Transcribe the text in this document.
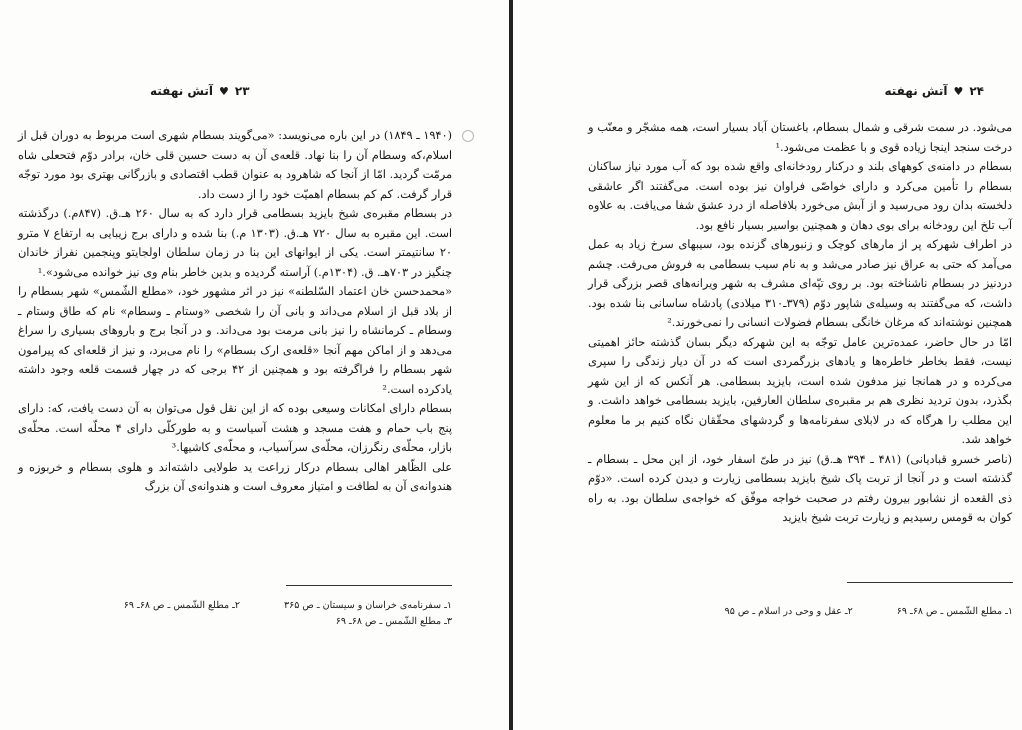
۲۳
♥
آتش نهفته

(۱۹۴۰ ـ ۱۸۴۹) در این باره می‌نویسد: «می‌گویند بسطام شهری است مربوط به دوران قبل از اسلام،که وسطام آن را بنا نهاد. قلعه‌ی آن به دست حسین قلی خان، برادر دوّم فتحعلی شاه مرمّت گردید. امّا از آنجا که شاهرود به عنوان قطب اقتصادی و بازرگانی بهتری بود مورد توجّه قرار گرفت. کم کم بسطام اهمیّت خود را از دست داد.

در بسطام مقبره‌ی شیخ بایزید بسطامی قرار دارد که به سال ۲۶۰ هـ.ق. (۸۴۷م.) درگذشته است. این مقبره به سال ۷۲۰ هـ.ق. (۱۳۰۳ م.) بنا شده و دارای برج زیبایی به ارتفاع ۷ مترو ۲۰ سانتیمتر است. یکی از ایوانهای این بنا در زمان سلطان اولجایتو وپنجمین نفراز خاندان چنگیز در ۷۰۳هـ. ق. (۱۳۰۴م.) آراسته گردیده و بدین خاطر بنام وی نیز خوانده می‌شود».¹

«محمدحسن خان اعتماد السّلطنه» نیز در اثر مشهور خود، «مطلع الشّمس» شهر بسطام را از بلاد قبل از اسلام می‌داند و بانی آن را شخصی «وستام ـ وسطام» نام که طاق وستام ـ وسطام ـ کرمانشاه را نیز بانی مرمت بود می‌داند. و در آنجا برج و باروهای بسیاری را سراغ می‌دهد و از اماکن مهم آنجا «قلعه‌ی ارک بسطام» را نام می‌برد، و نیز از قلعه‌ای که پیرامون شهر بسطام را فراگرفته بود و همچنین از ۴۲ برجی که در چهار قسمت قلعه وجود داشته یادکرده است.²

بسطام دارای امکانات وسیعی بوده که از این نقل قول می‌توان به آن دست یافت، که: دارای پنج باب حمام و هفت مسجد و هشت آسیاست و به طورکلّی دارای ۴ محلّه است. محلّه‌ی بازار، محلّه‌ی رنگرزان، محلّه‌ی سرآسیاب، و محلّه‌ی کاشیها.³

علی الظّاهر اهالی بسطام درکار زراعت ید طولایی داشته‌اند و هلوی بسطام و خربوزه و هندوانه‌ی آن به لطافت و امتیاز معروف است و هندوانه‌ی آن بزرگ

۱ـ سفرنامه‌ی خراسان و سیستان ـ ص ۳۶۵
۲ـ مطلع الشّمس ـ ص ۶۸ـ ۶۹
۳ـ مطلع الشّمس ـ ص ۶۸ـ ۶۹
۲۴
♥
آتش نهفته

می‌شود. در سمت شرقی و شمال بسطام، باغستان آباد بسیار است، همه مشجّر و معنّب و درخت سنجد اینجا زیاده قوی و با عظمت می‌شود.¹

بسطام در دامنه‌ی کوههای بلند و درکنار رودخانه‌ای واقع شده بود که آب مورد نیاز ساکنان بسطام را تأمین می‌کرد و دارای خواصّی فراوان نیز بوده است. می‌گفتند اگر عاشقی دلخسته بدان رود می‌رسید و از آبش می‌خورد بلافاصله از درد عشق شفا می‌یافت. به علاوه آب تلخ این رودخانه برای بوی دهان و همچنین بواسیر بسیار نافع بود.

در اطراف شهرکه پر از مارهای کوچک و زنبورهای گزنده بود، سیبهای سرخ زیاد به عمل می‌آمد که حتی به عراق نیز صادر می‌شد و به نام سیب بسطامی به فروش می‌رفت. چشم دردنیز در بسطام ناشناخته بود. بر روی تپّه‌ای مشرف به شهر ویرانه‌های قصر بزرگی قرار داشت، که می‌گفتند به وسیله‌ی شاپور دوّم (۳۷۹ـ۳۱۰ میلادی) پادشاه ساسانی بنا شده بود. همچنین نوشته‌اند که مرغان خانگی بسطام فضولات انسانی را نمی‌خورند.²

امّا در حال حاضر، عمده‌ترین عامل توجّه به این شهرکه دیگر بسان گذشته حائز اهمیتی نیست، فقط بخاطر خاطره‌ها و یادهای بزرگمردی است که در آن دیار زندگی را سپری می‌کرده و در همانجا نیز مدفون شده است، بایزید بسطامی. هر آنکس که از این شهر بگذرد، بدون تردید نظری هم بر مقبره‌ی سلطان العارفین، بایزید بسطامی خواهد داشت. و این مطلب را هرگاه که در لابلای سفرنامه‌ها و گردشهای محقّقان نگاه کنیم بر ما معلوم خواهد شد.

(ناصر خسرو قبادیانی) (۴۸۱ ـ ۳۹۴ هـ.ق) نیز در طیّ اسفار خود، از این محل ـ بسطام ـ گذشته است و در آنجا از تربت پاک شیخ بایزید بسطامی زیارت و دیدن کرده است. «دوّم ذی القعده از نشابور بیرون رفتم در صحبت خواجه موفّق که خواجه‌ی سلطان بود. به راه کوان به قومس رسیدیم و زیارت تربت شیخ بایزید

۱ـ مطلع الشّمس ـ ص ۶۸ـ ۶۹
۲ـ عقل و وحی در اسلام ـ ص ۹۵
